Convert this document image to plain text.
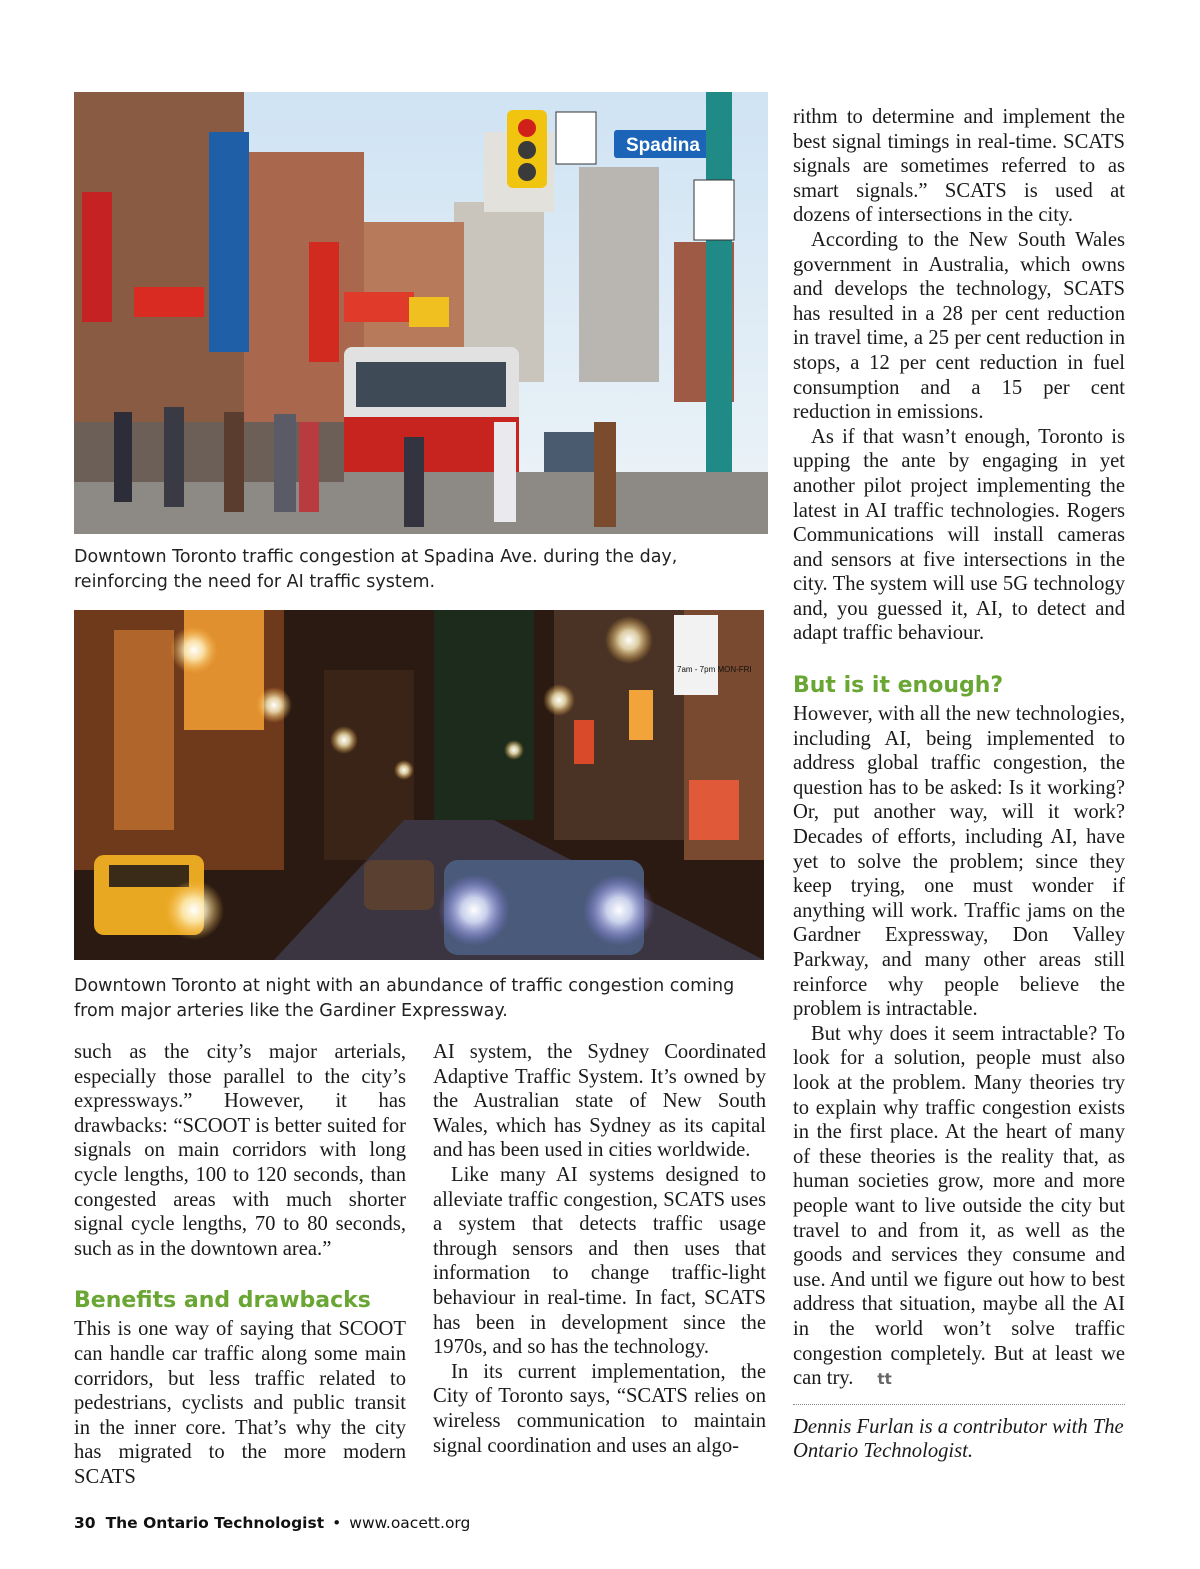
Spadina
Downtown Toronto traffic congestion at Spadina Ave. during the day, reinforcing the need for AI traffic system.
7am - 7pm MON-FRI
Downtown Toronto at night with an abundance of traffic congestion coming from major arteries like the Gardiner Expressway.

such as the city’s major arterials, especially those parallel to the city’s expressways.” However, it has drawbacks: “SCOOT is better suited for signals on main corridors with long cycle lengths, 100 to 120 seconds, than congested areas with much shorter signal cycle lengths, 70 to 80 seconds, such as in the downtown area.”

Benefits and drawbacks

This is one way of saying that SCOOT can handle car traffic along some main corridors, but less traffic related to pedestrians, cyclists and public transit in the inner core. That’s why the city has migrated to the more modern SCATS

AI system, the Sydney Coordinated Adaptive Traffic System. It’s owned by the Australian state of New South Wales, which has Sydney as its capital and has been used in cities worldwide.

Like many AI systems designed to alleviate traffic congestion, SCATS uses a system that detects traffic usage through sensors and then uses that information to change traffic-light behaviour in real-time. In fact, SCATS has been in development since the 1970s, and so has the technology.

In its current implementation, the City of Toronto says, “SCATS relies on wireless communication to maintain signal coordination and uses an algo-

rithm to determine and implement the best signal timings in real-time. SCATS signals are sometimes referred to as smart signals.” SCATS is used at dozens of intersections in the city.

According to the New South Wales government in Australia, which owns and develops the technology, SCATS has resulted in a 28 per cent reduction in travel time, a 25 per cent reduction in stops, a 12 per cent reduction in fuel consumption and a 15 per cent reduction in emissions.

As if that wasn’t enough, Toronto is upping the ante by engaging in yet another pilot project implementing the latest in AI traffic technologies. Rogers Communications will install cameras and sensors at five intersections in the city. The system will use 5G technology and, you guessed it, AI, to detect and adapt traffic behaviour.

But is it enough?

However, with all the new technologies, including AI, being implemented to address global traffic congestion, the question has to be asked: Is it working? Or, put another way, will it work? Decades of efforts, including AI, have yet to solve the problem; since they keep trying, one must wonder if anything will work. Traffic jams on the Gardner Expressway, Don Valley Parkway, and many other areas still reinforce why people believe the problem is intractable.

But why does it seem intractable? To look for a solution, people must also look at the problem. Many theories try to explain why traffic congestion exists in the first place. At the heart of many of these theories is the reality that, as human societies grow, more and more people want to live outside the city but travel to and from it, as well as the goods and services they consume and use. And until we figure out how to best address that situation, maybe all the AI in the world won’t solve traffic congestion completely. But at least we can try. tt

Dennis Furlan is a contributor with The Ontario Technologist.

30 The Ontario Technologist • www.oacett.org
